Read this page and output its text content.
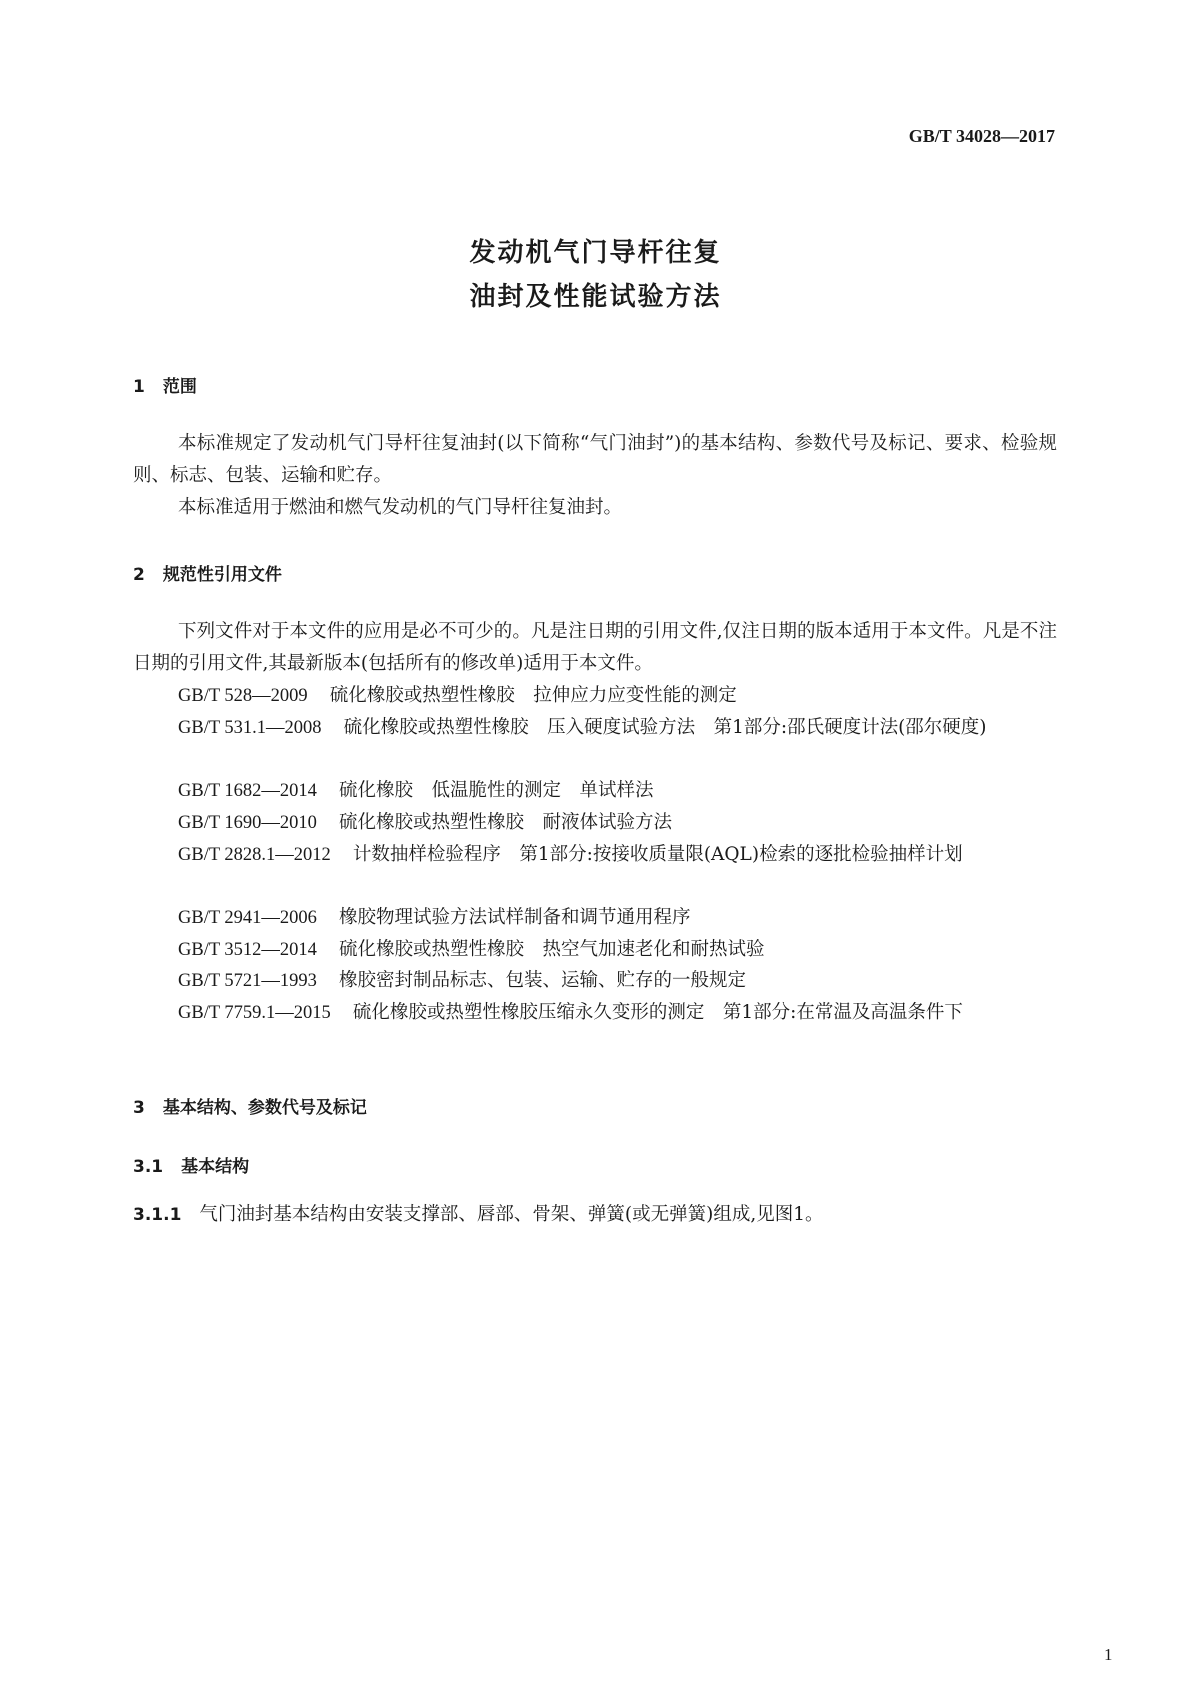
GB/T 34028—2017
发动机气门导杆往复
油封及性能试验方法
1 范围
本标准规定了发动机气门导杆往复油封(以下简称“气门油封”)的基本结构、参数代号及标记、要求、检验规则、标志、包装、运输和贮存。
本标准适用于燃油和燃气发动机的气门导杆往复油封。
2 规范性引用文件
下列文件对于本文件的应用是必不可少的。凡是注日期的引用文件,仅注日期的版本适用于本文件。凡是不注日期的引用文件,其最新版本(包括所有的修改单)适用于本文件。
GB/T 528—2009 硫化橡胶或热塑性橡胶　拉伸应力应变性能的测定
GB/T 531.1—2008 硫化橡胶或热塑性橡胶　压入硬度试验方法　第1部分:邵氏硬度计法(邵尔硬度)
GB/T 1682—2014 硫化橡胶　低温脆性的测定　单试样法
GB/T 1690—2010 硫化橡胶或热塑性橡胶　耐液体试验方法
GB/T 2828.1—2012 计数抽样检验程序　第1部分:按接收质量限(AQL)检索的逐批检验抽样计划
GB/T 2941—2006 橡胶物理试验方法试样制备和调节通用程序
GB/T 3512—2014 硫化橡胶或热塑性橡胶　热空气加速老化和耐热试验
GB/T 5721—1993 橡胶密封制品标志、包装、运输、贮存的一般规定
GB/T 7759.1—2015 硫化橡胶或热塑性橡胶压缩永久变形的测定　第1部分:在常温及高温条件下
3 基本结构、参数代号及标记
3.1 基本结构
3.1.1 气门油封基本结构由安装支撑部、唇部、骨架、弹簧(或无弹簧)组成,见图1。
1
